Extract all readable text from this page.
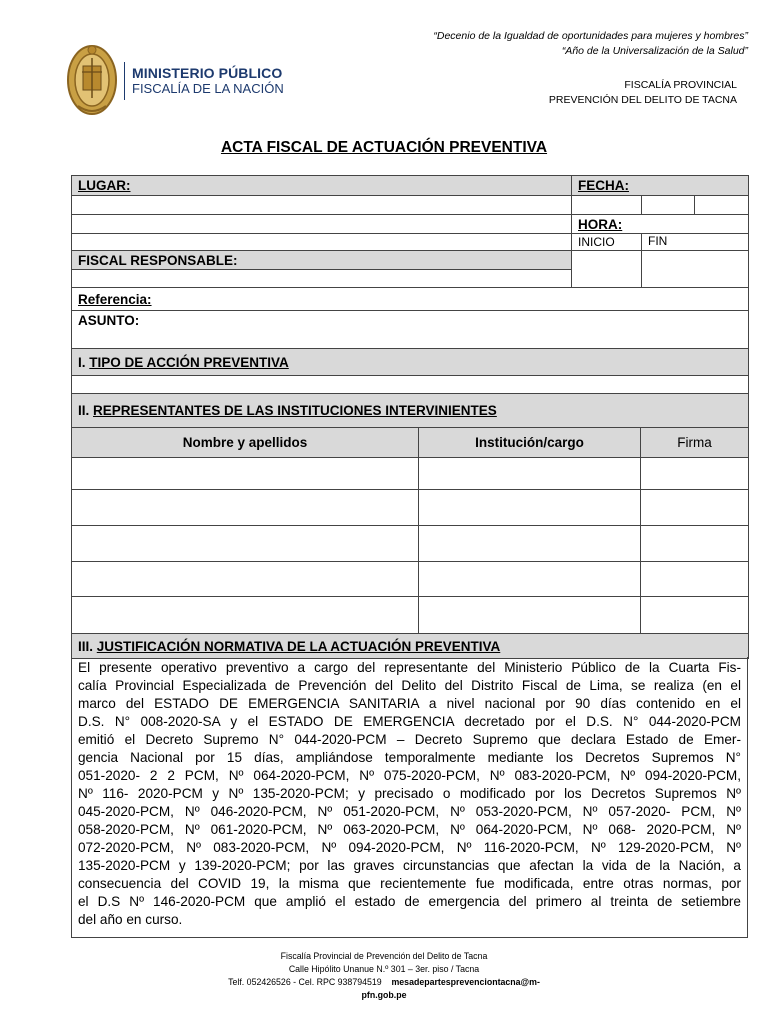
MINISTERIO PÚBLICO
FISCALÍA DE LA NACIÓN
“Decenio de la Igualdad de oportunidades para mujeres y hombres”
“Año de la Universalización de la Salud”
FISCALÍA PROVINCIAL
PREVENCIÓN DEL DELITO DE TACNA
ACTA FISCAL DE ACTUACIÓN PREVENTIVA
LUGAR:	FECHA:		

	HORA:		
	INICIO	FIN	
FISCAL RESPONSABLE:		

Referencia:
ASUNTO:
I. TIPO DE ACCIÓN PREVENTIVA

II. REPRESENTANTES DE LAS INSTITUCIONES INTERVINIENTES
Nombre y apellidos	Institución/cargo	Firma

III. JUSTIFICACIÓN NORMATIVA DE LA ACTUACIÓN PREVENTIVA
El presente operativo preventivo a cargo del representante del Ministerio Público de la Cuarta Fis-
calía Provincial Especializada de Prevención del Delito del Distrito Fiscal de Lima, se realiza (en el
marco del ESTADO DE EMERGENCIA SANITARIA a nivel nacional por 90 días contenido en el
D.S. N° 008-2020-SA y el ESTADO DE EMERGENCIA decretado por el D.S. N° 044-2020-PCM
emitió el Decreto Supremo N° 044-2020-PCM – Decreto Supremo que declara Estado de Emer-
gencia Nacional por 15 días, ampliándose temporalmente mediante los Decretos Supremos N°
051-2020- 2 2 PCM, Nº 064-2020-PCM, Nº 075-2020-PCM, Nº 083-2020-PCM, Nº 094-2020-PCM,
Nº 116- 2020-PCM y Nº 135-2020-PCM; y precisado o modificado por los Decretos Supremos Nº
045-2020-PCM, Nº 046-2020-PCM, Nº 051-2020-PCM, Nº 053-2020-PCM, Nº 057-2020- PCM, Nº
058-2020-PCM, Nº 061-2020-PCM, Nº 063-2020-PCM, Nº 064-2020-PCM, Nº 068- 2020-PCM, Nº
072-2020-PCM, Nº 083-2020-PCM, Nº 094-2020-PCM, Nº 116-2020-PCM, Nº 129-2020-PCM, Nº
135-2020-PCM y 139-2020-PCM; por las graves circunstancias que afectan la vida de la Nación, a
consecuencia del COVID 19, la misma que recientemente fue modificada, entre otras normas, por
el D.S Nº 146-2020-PCM que amplió el estado de emergencia del primero al treinta de setiembre
del año en curso.
Fiscalía Provincial de Prevención del Delito de Tacna
Calle Hipólito Unanue N.º 301 – 3er. piso / Tacna
Telf. 052426526 - Cel. RPC 938794519 mesadepartesprevenciontacna@m-
pfn.gob.pe
